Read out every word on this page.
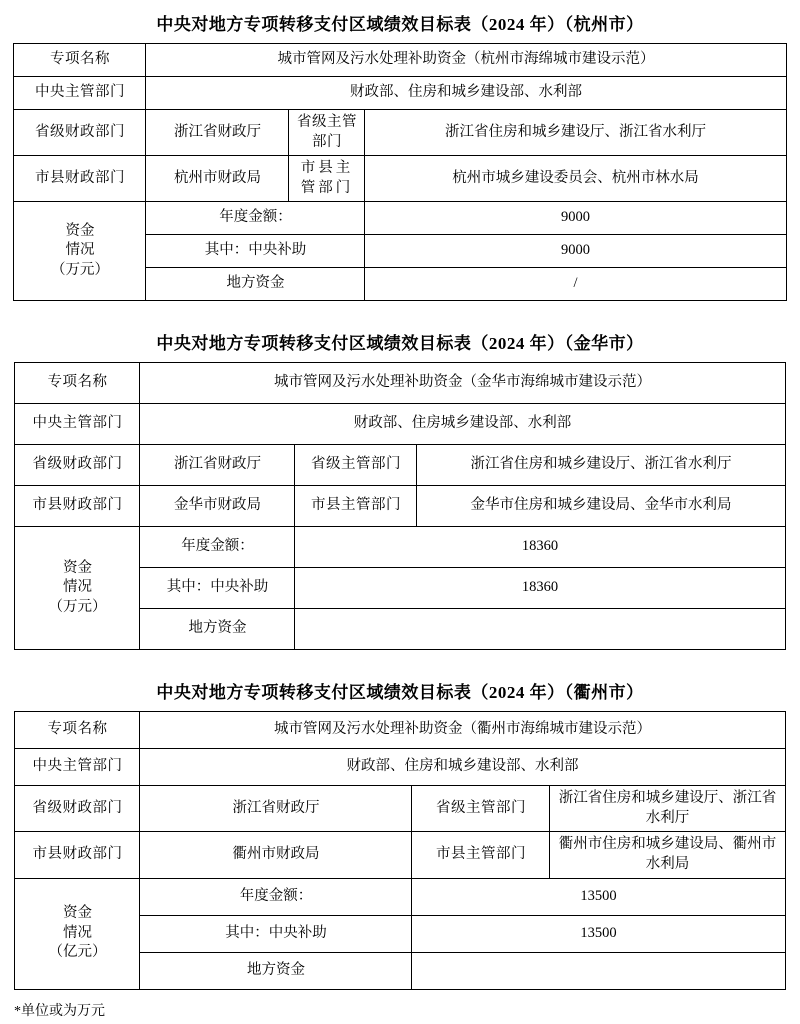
中央对地方专项转移支付区域绩效目标表（2024 年）（杭州市）
专项名称	城市管网及污水处理补助资金（杭州市海绵城市建设示范）		
中央主管部门	财政部、住房和城乡建设部、水利部		
省级财政部门	浙江省财政厅	省级主管部门	浙江省住房和城乡建设厅、浙江省水利厅
市县财政部门	杭州市财政局	市县主管部门	杭州市城乡建设委员会、杭州市林水局

资金
情况
（万元）	年度金额：		9000
	其中：中央补助		9000
	地方资金		/
中央对地方专项转移支付区域绩效目标表（2024 年）（金华市）
专项名称	城市管网及污水处理补助资金（金华市海绵城市建设示范）		
中央主管部门	财政部、住房城乡建设部、水利部		
省级财政部门	浙江省财政厅	省级主管部门	浙江省住房和城乡建设厅、浙江省水利厅
市县财政部门	金华市财政局	市县主管部门	金华市住房和城乡建设局、金华市水利局

资金
情况
（万元）	年度金额：	18360	
	其中：中央补助	18360	
	地方资金		
中央对地方专项转移支付区域绩效目标表（2024 年）（衢州市）
专项名称	城市管网及污水处理补助资金（衢州市海绵城市建设示范）		
中央主管部门	财政部、住房和城乡建设部、水利部		
省级财政部门	浙江省财政厅	省级主管部门	浙江省住房和城乡建设厅、浙江省水利厅
市县财政部门	衢州市财政局	市县主管部门	衢州市住房和城乡建设局、衢州市水利局

资金
情况
（亿元）	年度金额：	13500	
	其中：中央补助	13500	
	地方资金		
*单位或为万元
